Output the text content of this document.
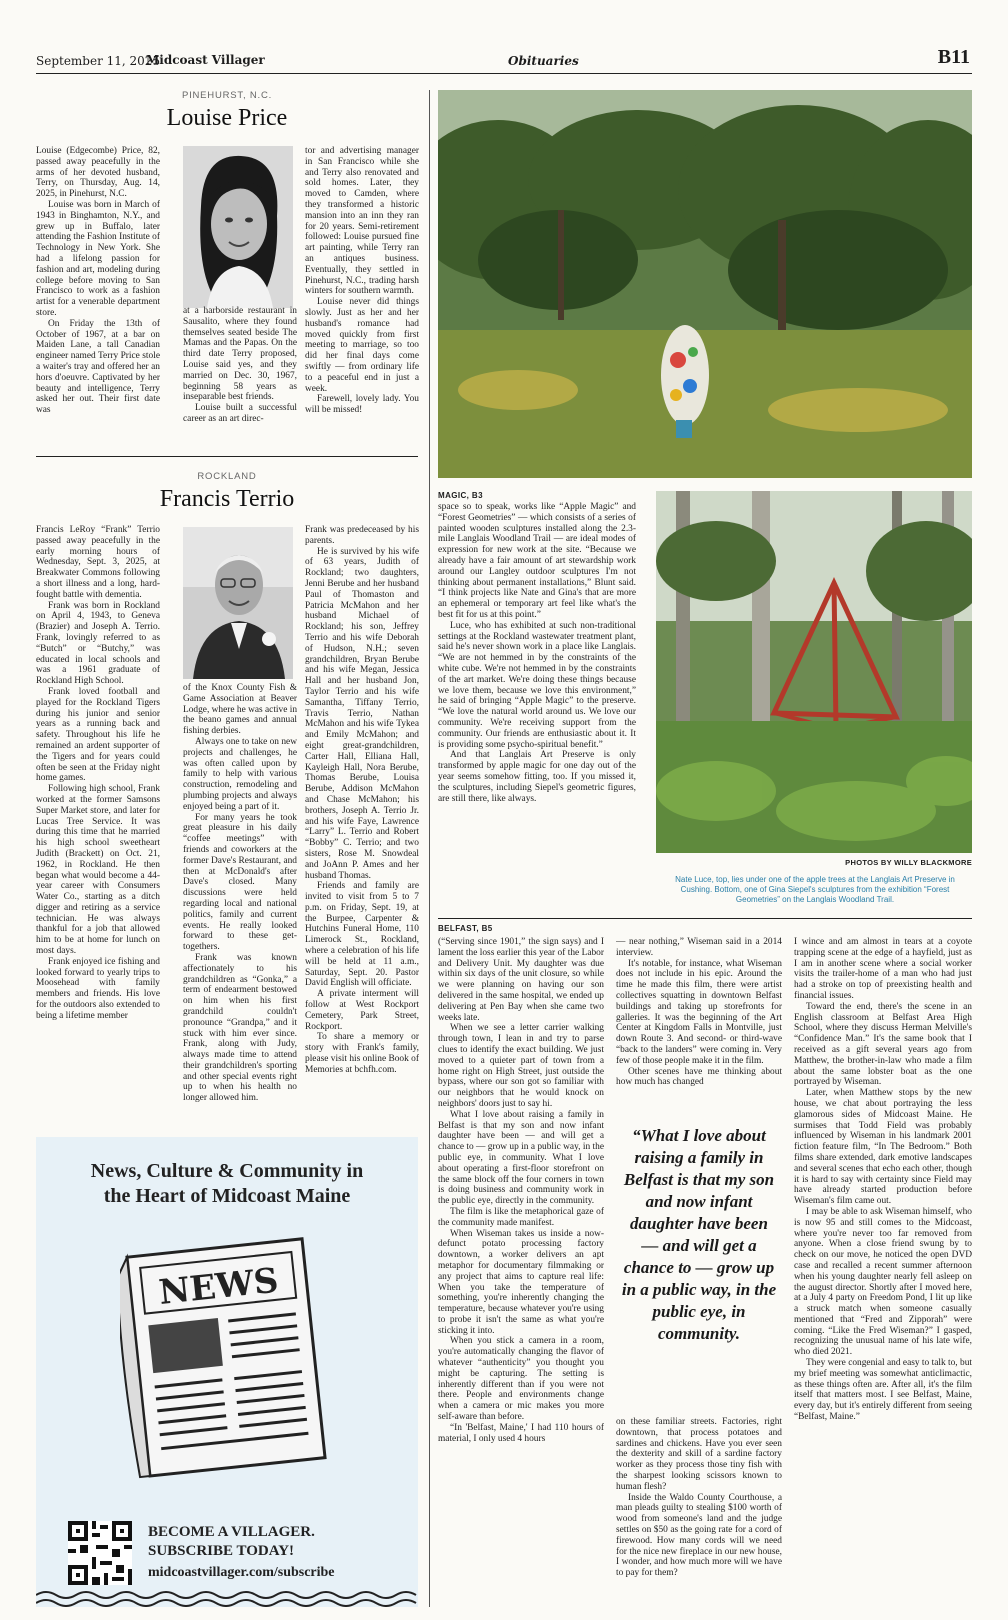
September 11, 2025
Midcoast Villager	Obituaries	B11
PINEHURST, N.C.
Louise Price

Louise (Edgecombe) Price, 82, passed away peacefully in the arms of her devoted husband, Terry, on Thursday, Aug. 14, 2025, in Pinehurst, N.C.

Louise was born in March of 1943 in Binghamton, N.Y., and grew up in Buffalo, later attending the Fashion Institute of Technology in New York. She had a lifelong passion for fashion and art, modeling during college before moving to San Francisco to work as a fashion artist for a venerable department store.

On Friday the 13th of October of 1967, at a bar on Maiden Lane, a tall Canadian engineer named Terry Price stole a waiter's tray and offered her an hors d'oeuvre. Captivated by her beauty and intelligence, Terry asked her out. Their first date was

at a harborside restaurant in Sausalito, where they found themselves seated beside The Mamas and the Papas. On the third date Terry proposed, Louise said yes, and they married on Dec. 30, 1967, beginning 58 years as inseparable best friends.

Louise built a successful career as an art direc-

tor and advertising manager in San Francisco while she and Terry also renovated and sold homes. Later, they moved to Camden, where they transformed a historic mansion into an inn they ran for 20 years. Semi-retirement followed: Louise pursued fine art painting, while Terry ran an antiques business. Eventually, they settled in Pinehurst, N.C., trading harsh winters for southern warmth.

Louise never did things slowly. Just as her and her husband's romance had moved quickly from first meeting to marriage, so too did her final days come swiftly — from ordinary life to a peaceful end in just a week.

Farewell, lovely lady. You will be missed!

ROCKLAND
Francis Terrio

Francis LeRoy “Frank” Terrio passed away peacefully in the early morning hours of Wednesday, Sept. 3, 2025, at Breakwater Commons following a short illness and a long, hard-fought battle with dementia.

Frank was born in Rockland on April 4, 1943, to Geneva (Brazier) and Joseph A. Terrio. Frank, lovingly referred to as “Butch” or “Butchy,” was educated in local schools and was a 1961 graduate of Rockland High School.

Frank loved football and played for the Rockland Tigers during his junior and senior years as a running back and safety. Throughout his life he remained an ardent supporter of the Tigers and for years could often be seen at the Friday night home games.

Following high school, Frank worked at the former Samsons Super Market store, and later for Lucas Tree Service. It was during this time that he married his high school sweetheart Judith (Brackett) on Oct. 21, 1962, in Rockland. He then began what would become a 44-year career with Consumers Water Co., starting as a ditch digger and retiring as a service technician. He was always thankful for a job that allowed him to be at home for lunch on most days.

Frank enjoyed ice fishing and looked forward to yearly trips to Moosehead with family members and friends. His love for the outdoors also extended to being a lifetime member

of the Knox County Fish & Game Association at Beaver Lodge, where he was active in the beano games and annual fishing derbies.

Always one to take on new projects and challenges, he was often called upon by family to help with various construction, remodeling and plumbing projects and always enjoyed being a part of it.

For many years he took great pleasure in his daily “coffee meetings” with friends and coworkers at the former Dave's Restaurant, and then at McDonald's after Dave's closed. Many discussions were held regarding local and national politics, family and current events. He really looked forward to these get-togethers.

Frank was known affectionately to his grandchildren as “Gonka,” a term of endearment bestowed on him when his first grandchild couldn't pronounce “Grandpa,” and it stuck with him ever since. Frank, along with Judy, always made time to attend their grandchildren's sporting and other special events right up to when his health no longer allowed him.

Frank was predeceased by his parents.

He is survived by his wife of 63 years, Judith of Rockland; two daughters, Jenni Berube and her husband Paul of Thomaston and Patricia McMahon and her husband Michael of Rockland; his son, Jeffrey Terrio and his wife Deborah of Hudson, N.H.; seven grandchildren, Bryan Berube and his wife Megan, Jessica Hall and her husband Jon, Taylor Terrio and his wife Samantha, Tiffany Terrio, Travis Terrio, Nathan McMahon and his wife Tykea and Emily McMahon; and eight great-grandchildren, Carter Hall, Elliana Hall, Kayleigh Hall, Nora Berube, Thomas Berube, Louisa Berube, Addison McMahon and Chase McMahon; his brothers, Joseph A. Terrio Jr. and his wife Faye, Lawrence “Larry” L. Terrio and Robert “Bobby” C. Terrio; and two sisters, Rose M. Snowdeal and JoAnn P. Ames and her husband Thomas.

Friends and family are invited to visit from 5 to 7 p.m. on Friday, Sept. 19, at the Burpee, Carpenter & Hutchins Funeral Home, 110 Limerock St., Rockland, where a celebration of his life will be held at 11 a.m., Saturday, Sept. 20. Pastor David English will officiate.

A private interment will follow at West Rockport Cemetery, Park Street, Rockport.

To share a memory or story with Frank's family, please visit his online Book of Memories at bchfh.com.

News, Culture & Community in
the Heart of Midcoast Maine
NEWS
BECOME A VILLAGER.
SUBSCRIBE TODAY!
midcoastvillager.com/subscribe
MAGIC, B3

space so to speak, works like “Apple Magic” and “Forest Geometries” — which consists of a series of painted wooden sculptures installed along the 2.3-mile Langlais Woodland Trail — are ideal modes of expression for new work at the site. “Because we already have a fair amount of art stewardship work around our Langley outdoor sculptures I'm not thinking about permanent installations,” Blunt said. “I think projects like Nate and Gina's that are more an ephemeral or temporary art feel like what's the best fit for us at this point.”

Luce, who has exhibited at such non-traditional settings at the Rockland wastewater treatment plant, said he's never shown work in a place like Langlais. “We are not hemmed in by the constraints of the white cube. We're not hemmed in by the constraints of the art market. We're doing these things because we love them, because we love this environment,” he said of bringing “Apple Magic” to the preserve. “We love the natural world around us. We love our community. We're receiving support from the community. Our friends are enthusiastic about it. It is providing some psycho-spiritual benefit.”

And that Langlais Art Preserve is only transformed by apple magic for one day out of the year seems somehow fitting, too. If you missed it, the sculptures, including Siepel's geometric figures, are still there, like always.

PHOTOS BY WILLY BLACKMORE
Nate Luce, top, lies under one of the apple trees at the Langlais Art Preserve in Cushing. Bottom, one of Gina Siepel's sculptures from the exhibition “Forest Geometries” on the Langlais Woodland Trail.
BELFAST, B5

(“Serving since 1901,” the sign says) and I lament the loss earlier this year of the Labor and Delivery Unit. My daughter was due within six days of the unit closure, so while we were planning on having our son delivered in the same hospital, we ended up delivering at Pen Bay when she came two weeks late.

When we see a letter carrier walking through town, I lean in and try to parse clues to identify the exact building. We just moved to a quieter part of town from a home right on High Street, just outside the bypass, where our son got so familiar with our neighbors that he would knock on neighbors' doors just to say hi.

What I love about raising a family in Belfast is that my son and now infant daughter have been — and will get a chance to — grow up in a public way, in the public eye, in community. What I love about operating a first-floor storefront on the same block off the four corners in town is doing business and community work in the public eye, directly in the community.

The film is like the metaphorical gaze of the community made manifest.

When Wiseman takes us inside a now-defunct potato processing factory downtown, a worker delivers an apt metaphor for documentary filmmaking or any project that aims to capture real life: When you take the temperature of something, you're inherently changing the temperature, because whatever you're using to probe it isn't the same as what you're sticking it into.

When you stick a camera in a room, you're automatically changing the flavor of whatever “authenticity” you thought you might be capturing. The setting is inherently different than if you were not there. People and environments change when a camera or mic makes you more self-aware than before.

“In 'Belfast, Maine,' I had 110 hours of material, I only used 4 hours

— near nothing,” Wiseman said in a 2014 interview.

It's notable, for instance, what Wiseman does not include in his epic. Around the time he made this film, there were artist collectives squatting in downtown Belfast buildings and taking up storefronts for galleries. It was the beginning of the Art Center at Kingdom Falls in Montville, just down Route 3. And second- or third-wave “back to the landers” were coming in. Very few of those people make it in the film.

Other scenes have me thinking about how much has changed

“What I love about raising a family in Belfast is that my son and now infant daughter have been — and will get a chance to — grow up in a public way, in the public eye, in community.

on these familiar streets. Factories, right downtown, that process potatoes and sardines and chickens. Have you ever seen the dexterity and skill of a sardine factory worker as they process those tiny fish with the sharpest looking scissors known to human flesh?

Inside the Waldo County Courthouse, a man pleads guilty to stealing $100 worth of wood from someone's land and the judge settles on $50 as the going rate for a cord of firewood. How many cords will we need for the nice new fireplace in our new house, I wonder, and how much more will we have to pay for them?

I wince and am almost in tears at a coyote trapping scene at the edge of a hayfield, just as I am in another scene where a social worker visits the trailer-home of a man who had just had a stroke on top of preexisting health and financial issues.

Toward the end, there's the scene in an English classroom at Belfast Area High School, where they discuss Herman Melville's “Confidence Man.” It's the same book that I received as a gift several years ago from Matthew, the brother-in-law who made a film about the same lobster boat as the one portrayed by Wiseman.

Later, when Matthew stops by the new house, we chat about portraying the less glamorous sides of Midcoast Maine. He surmises that Todd Field was probably influenced by Wiseman in his landmark 2001 fiction feature film, “In The Bedroom.” Both films share extended, dark emotive landscapes and several scenes that echo each other, though it is hard to say with certainty since Field may have already started production before Wiseman's film came out.

I may be able to ask Wiseman himself, who is now 95 and still comes to the Midcoast, where you're never too far removed from anyone. When a close friend swung by to check on our move, he noticed the open DVD case and recalled a recent summer afternoon when his young daughter nearly fell asleep on the august director. Shortly after I moved here, at a July 4 party on Freedom Pond, I lit up like a struck match when someone casually mentioned that “Fred and Zipporah” were coming. “Like the Fred Wiseman?” I gasped, recognizing the unusual name of his late wife, who died 2021.

They were congenial and easy to talk to, but my brief meeting was somewhat anticlimactic, as these things often are. After all, it's the film itself that matters most. I see Belfast, Maine, every day, but it's entirely different from seeing “Belfast, Maine.”
